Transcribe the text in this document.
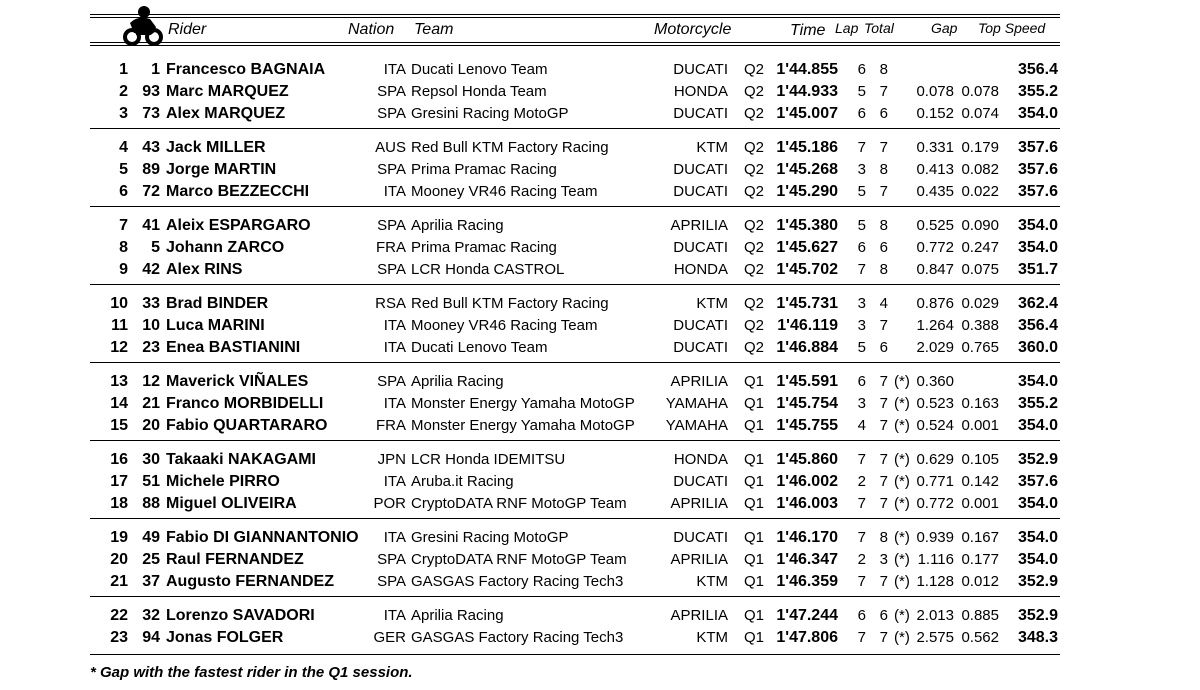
Rider	Nation Team	Motorcycle	Time Lap Total	Gap Top Speed
1	1 Francesco BAGNAIA	ITA Ducati Lenovo Team	DUCATI Q2 1'44.855	6 8	356.4
2 93 Marc MARQUEZ	SPA Repsol Honda Team	HONDA Q2 1'44.933	5 7 0.078 0.078	355.2
3 73 Alex MARQUEZ	SPA Gresini Racing MotoGP	DUCATI Q2 1'45.007	6 6 0.152 0.074	354.0
4 43 Jack MILLER	AUS Red Bull KTM Factory Racing	KTM Q2 1'45.186	7 7 0.331 0.179	357.6
5 89 Jorge MARTIN	SPA Prima Pramac Racing	DUCATI Q2 1'45.268	3 8 0.413 0.082	357.6
6 72 Marco BEZZECCHI	ITA Mooney VR46 Racing Team	DUCATI Q2 1'45.290	5 7 0.435 0.022	357.6
7 41 Aleix ESPARGARO	SPA Aprilia Racing	APRILIA Q2 1'45.380	5 8 0.525 0.090	354.0
8	5 Johann ZARCO	FRA Prima Pramac Racing	DUCATI Q2 1'45.627	6 6 0.772 0.247	354.0
9 42 Alex RINS	SPA LCR Honda CASTROL	HONDA Q2 1'45.702	7 8 0.847 0.075	351.7
10 33 Brad BINDER	RSA Red Bull KTM Factory Racing	KTM Q2 1'45.731	3 4 0.876 0.029	362.4
11 10 Luca MARINI	ITA Mooney VR46 Racing Team	DUCATI Q2 1'46.119	3 7 1.264 0.388	356.4
12 23 Enea BASTIANINI	ITA Ducati Lenovo Team	DUCATI Q2 1'46.884	5 6 2.029 0.765	360.0
13 12 Maverick VIÑALES	SPA Aprilia Racing	APRILIA Q1 1'45.591	6 7 (*) 0.360	354.0
14 21 Franco MORBIDELLI	ITA Monster Energy Yamaha MotoGP	YAMAHA Q1 1'45.754	3 7 (*) 0.523 0.163	355.2
15 20 Fabio QUARTARARO	FRA Monster Energy Yamaha MotoGP	YAMAHA Q1 1'45.755	4 7 (*) 0.524 0.001	354.0
16 30 Takaaki NAKAGAMI	JPN LCR Honda IDEMITSU	HONDA Q1 1'45.860	7 7 (*) 0.629 0.105	352.9
17 51 Michele PIRRO	ITA Aruba.it Racing	DUCATI Q1 1'46.002	2 7 (*) 0.771 0.142	357.6
18 88 Miguel OLIVEIRA	POR CryptoDATA RNF MotoGP Team	APRILIA Q1 1'46.003	7 7 (*) 0.772 0.001	354.0
19 49 Fabio DI GIANNANTONIO	ITA Gresini Racing MotoGP	DUCATI Q1 1'46.170	7 8 (*) 0.939 0.167	354.0
20 25 Raul FERNANDEZ	SPA CryptoDATA RNF MotoGP Team	APRILIA Q1 1'46.347	2 3 (*) 1.116 0.177	354.0
21 37 Augusto FERNANDEZ	SPA GASGAS Factory Racing Tech3	KTM Q1 1'46.359	7 7 (*) 1.128 0.012	352.9
22 32 Lorenzo SAVADORI	ITA Aprilia Racing	APRILIA Q1 1'47.244	6 6 (*) 2.013 0.885	352.9
23 94 Jonas FOLGER	GER GASGAS Factory Racing Tech3	KTM Q1 1'47.806	7 7 (*) 2.575 0.562	348.3
* Gap with the fastest rider in the Q1 session.
